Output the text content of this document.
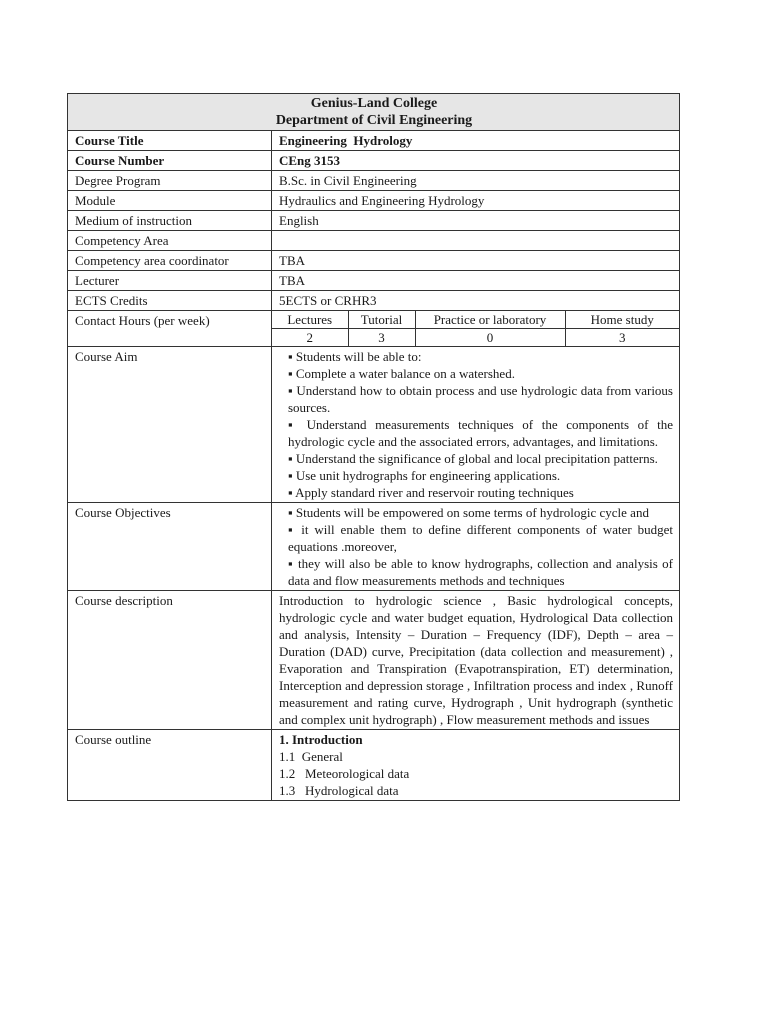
Genius-Land College
Department of Civil Engineering

Course Title	Engineering  Hydrology
Course Number	CEng 3153
Degree Program	B.Sc. in Civil Engineering
Module	Hydraulics and Engineering Hydrology
Medium of instruction	English
Competency Area	
Competency area coordinator	TBA
Lecturer	TBA
ECTS Credits	5ECTS or CRHR3
Contact Hours (per week)		Lectures	Tutorial	Practice or laboratory	Home study
2	3	0	3

Course Aim	▪ Students will be able to:
▪ Complete a water balance on a watershed.
▪ Understand how to obtain process and use hydrologic data from various sources.
▪ Understand measurements techniques of the components of the hydrologic cycle and the associated errors, advantages, and limitations.
▪ Understand the significance of global and local precipitation patterns.
▪ Use unit hydrographs for engineering applications.
▪ Apply standard river and reservoir routing techniques

Course Objectives	▪ Students will be empowered on some terms of hydrologic cycle and
▪ it will enable them to define different components of water budget equations .moreover,
▪ they will also be able to know hydrographs, collection and analysis of data and flow measurements methods and techniques

Course description	Introduction to hydrologic science , Basic hydrological concepts, hydrologic cycle and water budget equation, Hydrological Data collection and analysis, Intensity – Duration – Frequency (IDF), Depth – area – Duration (DAD) curve, Precipitation (data collection and measurement) , Evaporation and Transpiration (Evapotranspiration, ET) determination, Interception and depression storage , Infiltration process and index , Runoff measurement and rating curve, Hydrograph , Unit hydrograph (synthetic and complex unit hydrograph) , Flow measurement methods and issues
Course outline	1. Introduction
1.1  General
1.2   Meteorological data
1.3   Hydrological data
